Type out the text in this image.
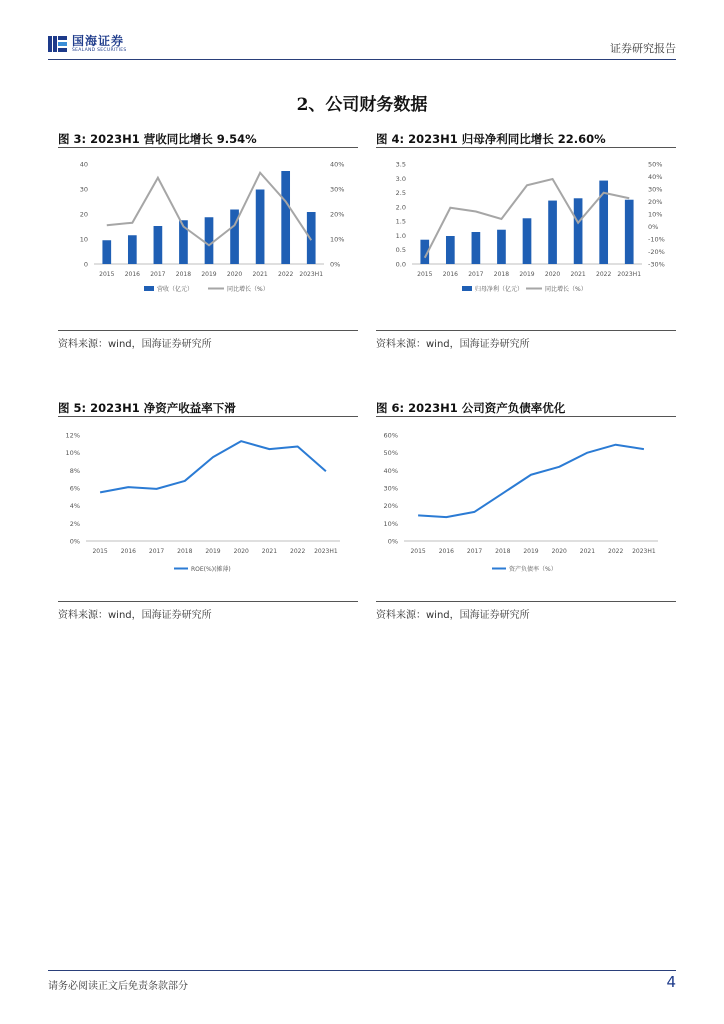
国海证券
SEALAND SECURITIES	证券研究报告
2、公司财务数据
图 3: 2023H1 营收同比增长 9.54%
0
10
20
30
40
0%
10%
20%
30%
40%
2015 2016 2017 2018 2019 2020 2021 2022 2023H1
营收（亿元）	同比增长（%）
资料来源：wind，国海证券研究所
图 4: 2023H1 归母净利同比增长 22.60%
0.0
0.5
1.0
1.5
2.0
2.5
3.0
3.5
-30%
-20%
-10%
0%
10%
20%
30%
40%
50%
2015 2016 2017 2018 2019 2020 2021 2022 2023H1
归母净利（亿元）	同比增长（%）
资料来源：wind，国海证券研究所
图 5: 2023H1 净资产收益率下滑
0%
2%
4%
6%
8%
10%
12%
2015 2016 2017 2018 2019 2020 2021 2022 2023H1
ROE(%)(摊薄)
资料来源：wind，国海证券研究所
图 6: 2023H1 公司资产负债率优化
0%
10%
20%
30%
40%
50%
60%
2015 2016 2017 2018 2019 2020 2021 2022 2023H1
资产负债率（%）
资料来源：wind，国海证券研究所
请务必阅读正文后免责条款部分	4
